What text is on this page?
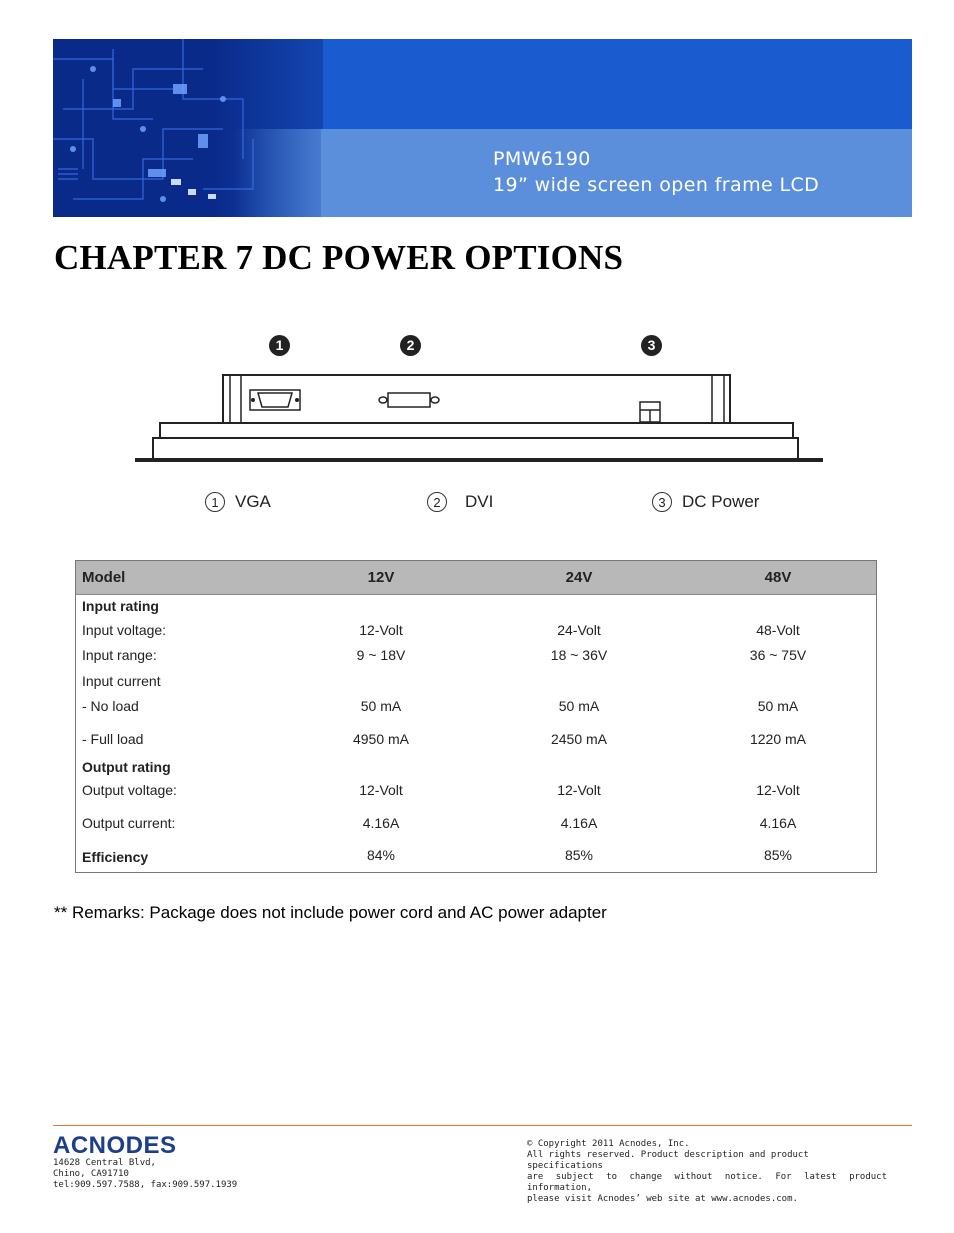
PMW6190
19” wide screen open frame LCD
CHAPTER 7 DC POWER OPTIONS
1	2	3
1 VGA	2	DVI	3 DC Power
Model	12V	24V	48V
Input rating
Input voltage:	12-Volt	24-Volt	48-Volt
Input range:	9 ~ 18V	18 ~ 36V	36 ~ 75V
Input current
- No load	50 mA	50 mA	50 mA
- Full load	4950 mA	2450 mA	1220 mA
Output rating
Output voltage:	12-Volt	12-Volt	12-Volt
Output current:	4.16A	4.16A	4.16A
Efficiency	84%	85%	85%
** Remarks: Package does not include power cord and AC power adapter
ACNODES
14628 Central Blvd,
Chino, CA91710
tel:909.597.7588, fax:909.597.1939
© Copyright 2011 Acnodes, Inc.
All rights reserved. Product description and product specifications
are subject to change without notice. For latest product information,
please visit Acnodes’ web site at www.acnodes.com.
